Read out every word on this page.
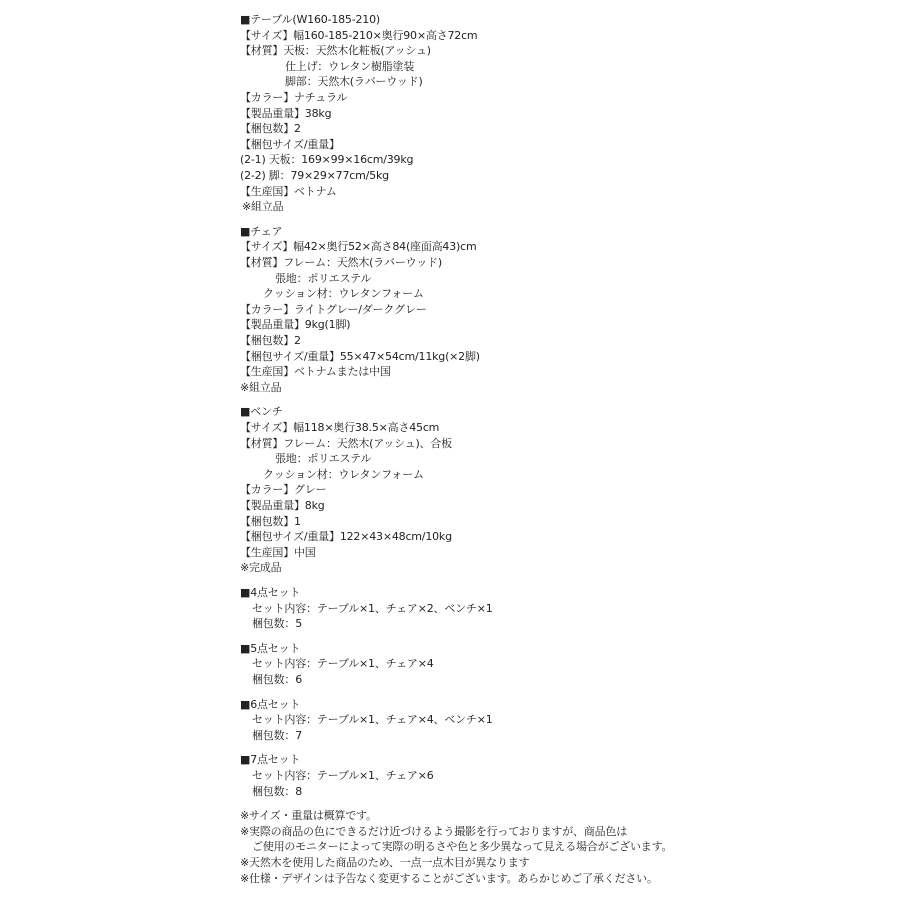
■テーブル(W160-185-210)
【サイズ】幅160-185-210×奥行90×高さ72cm
【材質】天板：天然木化粧板(アッシュ)
仕上げ：ウレタン樹脂塗装
脚部：天然木(ラバーウッド)
【カラー】ナチュラル
【製品重量】38kg
【梱包数】2
【梱包サイズ/重量】
(2-1) 天板：169×99×16cm/39kg
(2-2) 脚：79×29×77cm/5kg
【生産国】ベトナム
※組立品
■チェア
【サイズ】幅42×奥行52×高さ84(座面高43)cm
【材質】フレーム：天然木(ラバーウッド)
張地：ポリエステル
クッション材：ウレタンフォーム
【カラー】ライトグレー/ダークグレー
【製品重量】9kg(1脚)
【梱包数】2
【梱包サイズ/重量】55×47×54cm/11kg(×2脚)
【生産国】ベトナムまたは中国
※組立品
■ベンチ
【サイズ】幅118×奥行38.5×高さ45cm
【材質】フレーム：天然木(アッシュ)、合板
張地：ポリエステル
クッション材：ウレタンフォーム
【カラー】グレー
【製品重量】8kg
【梱包数】1
【梱包サイズ/重量】122×43×48cm/10kg
【生産国】中国
※完成品
■4点セット
セット内容：テーブル×1、チェア×2、ベンチ×1
梱包数：5
■5点セット
セット内容：テーブル×1、チェア×4
梱包数：6
■6点セット
セット内容：テーブル×1、チェア×4、ベンチ×1
梱包数：7
■7点セット
セット内容：テーブル×1、チェア×6
梱包数：8
※サイズ・重量は概算です。
※実際の商品の色にできるだけ近づけるよう撮影を行っておりますが、商品色は
ご使用のモニターによって実際の明るさや色と多少異なって見える場合がございます。
※天然木を使用した商品のため、一点一点木目が異なります
※仕様・デザインは予告なく変更することがございます。あらかじめご了承ください。
